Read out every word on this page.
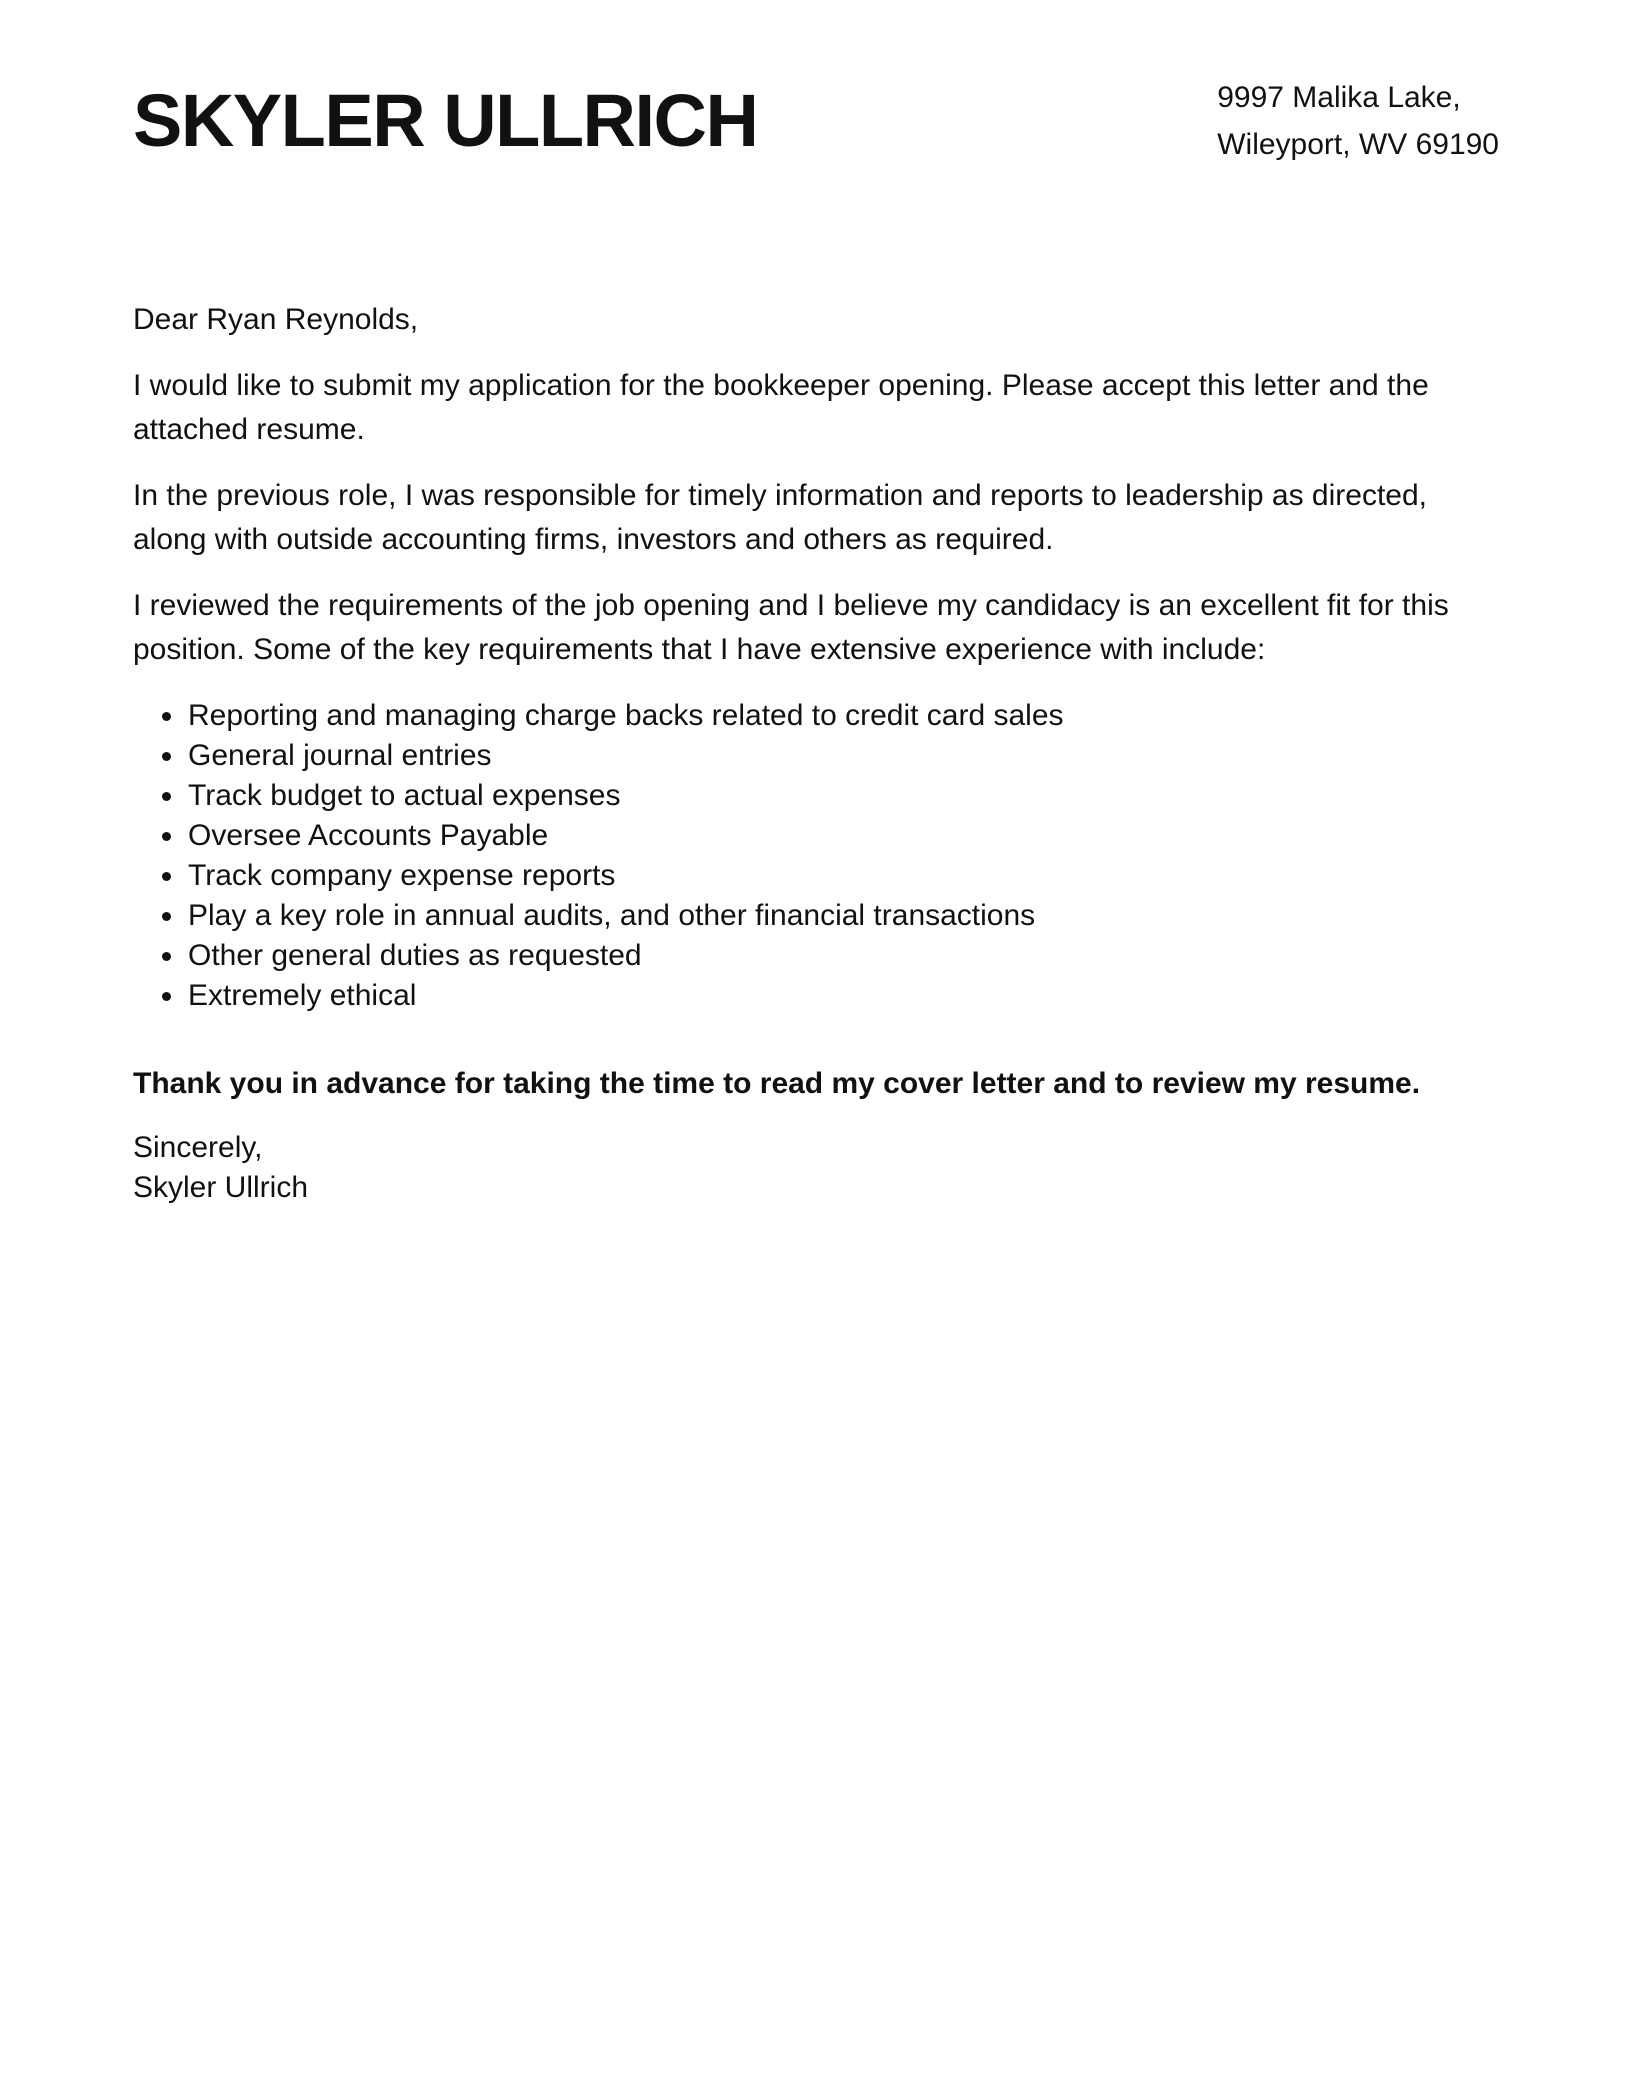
SKYLER ULLRICH	9997 Malika Lake,
Wileyport, WV 69190

Dear Ryan Reynolds,

I would like to submit my application for the bookkeeper opening. Please accept this letter and the attached resume.

In the previous role, I was responsible for timely information and reports to leadership as directed, along with outside accounting firms, investors and others as required.

I reviewed the requirements of the job opening and I believe my candidacy is an excellent fit for this position. Some of the key requirements that I have extensive experience with include:

• Reporting and managing charge backs related to credit card sales
• General journal entries
• Track budget to actual expenses
• Oversee Accounts Payable
• Track company expense reports
• Play a key role in annual audits, and other financial transactions
• Other general duties as requested
• Extremely ethical

Thank you in advance for taking the time to read my cover letter and to review my resume.

Sincerely,
Skyler Ullrich
